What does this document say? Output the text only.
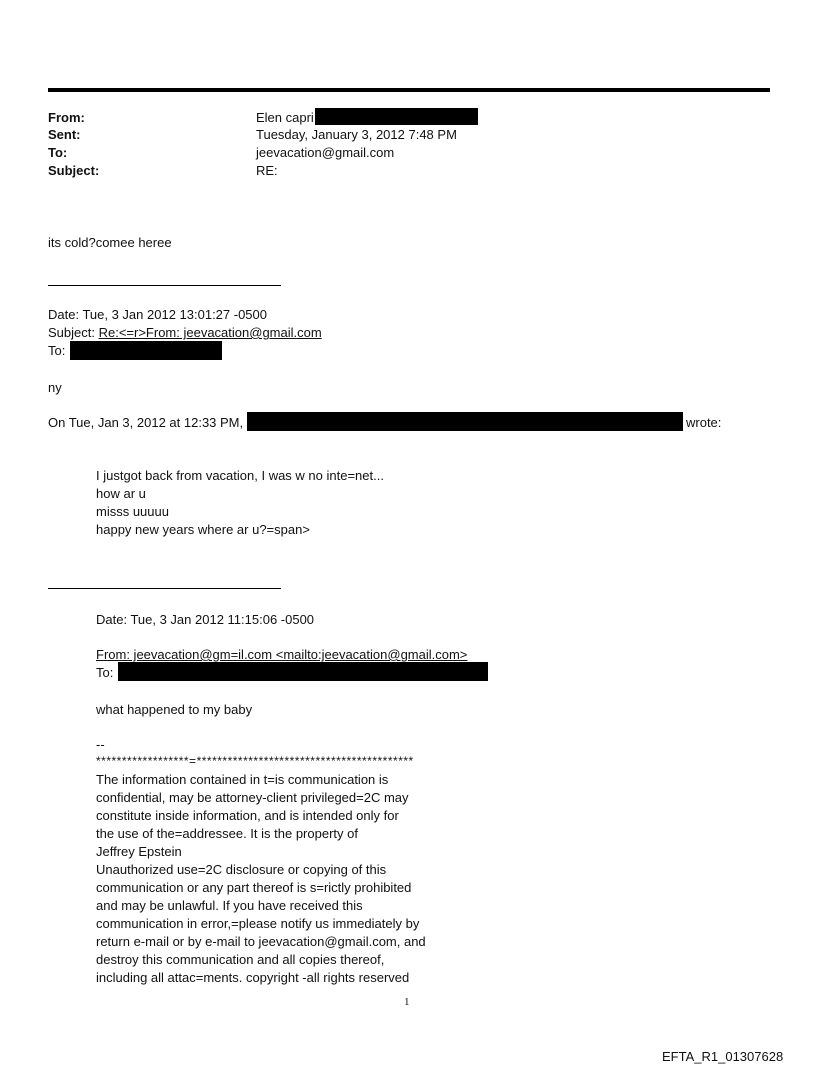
From:	Elen capri
Sent:	Tuesday, January 3, 2012 7:48 PM
To:	jeevacation@gmail.com
Subject:	RE:
its cold?comee heree
Date: Tue, 3 Jan 2012 13:01:27 -0500
Subject: Re:<=r>From: jeevacation@gmail.com
To:
ny
On Tue, Jan 3, 2012 at 12:33 PM,	wrote:
I justgot back from vacation, I was w no inte=net...
how ar u
misss uuuuu
happy new years where ar u?=span>
Date: Tue, 3 Jan 2012 11:15:06 -0500
From: jeevacation@gm=il.com <mailto:jeevacation@gmail.com>
To:
what happened to my baby
--
******************=******************************************
The information contained in t=is communication is
confidential, may be attorney-client privileged=2C may
constitute inside information, and is intended only for
the use of the=addressee. It is the property of
Jeffrey Epstein
Unauthorized use=2C disclosure or copying of this
communication or any part thereof is s=rictly prohibited
and may be unlawful. If you have received this
communication in error,=please notify us immediately by
return e-mail or by e-mail to jeevacation@gmail.com, and
destroy this communication and all copies thereof,
including all attac=ments. copyright -all rights reserved
1
EFTA_R1_01307628
